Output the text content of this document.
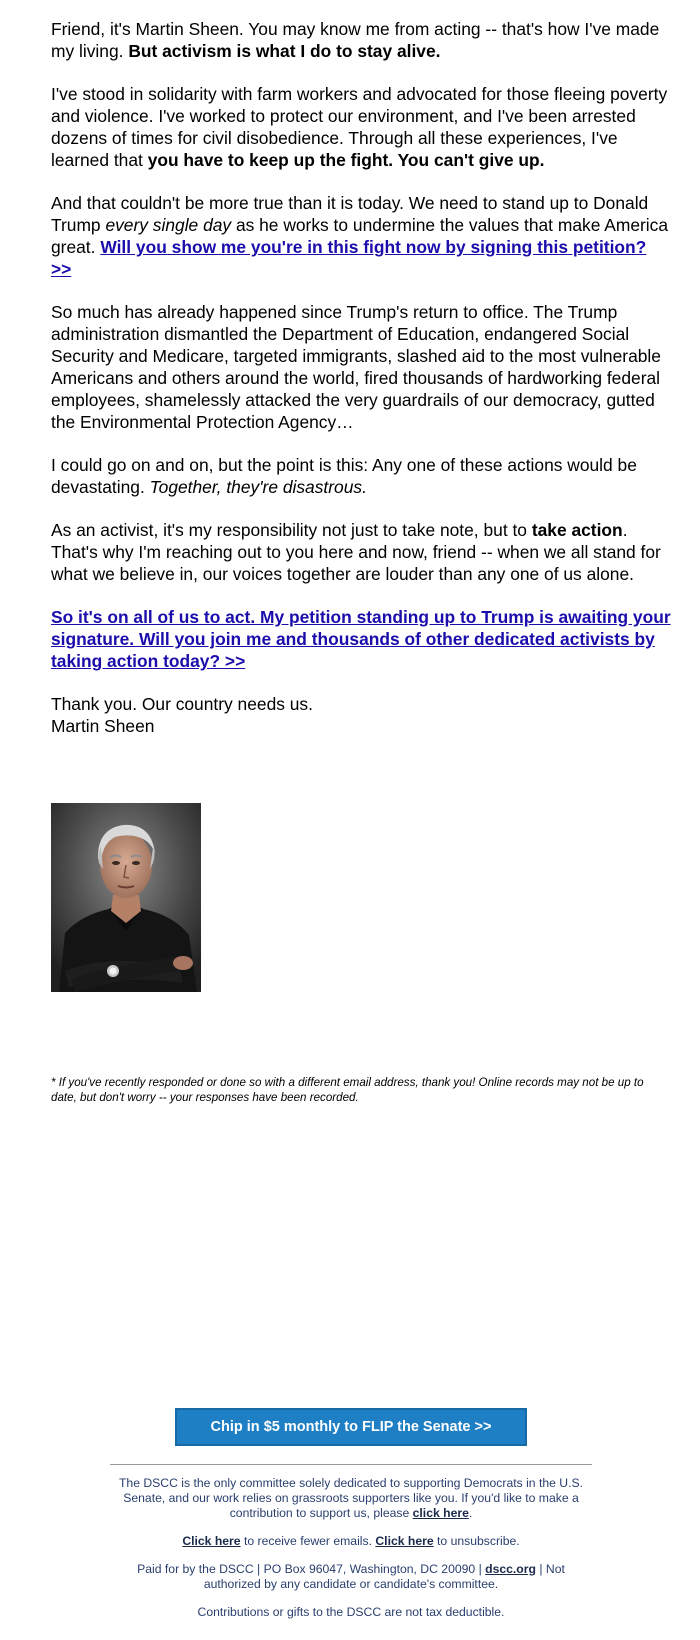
Friend, it's Martin Sheen. You may know me from acting -- that's how I've made my living. But activism is what I do to stay alive.

I've stood in solidarity with farm workers and advocated for those fleeing poverty and violence. I've worked to protect our environment, and I've been arrested dozens of times for civil disobedience. Through all these experiences, I've learned that you have to keep up the fight. You can't give up.

And that couldn't be more true than it is today. We need to stand up to Donald Trump every single day as he works to undermine the values that make America great. Will you show me you're in this fight now by signing this petition? >>

So much has already happened since Trump's return to office. The Trump administration dismantled the Department of Education, endangered Social Security and Medicare, targeted immigrants, slashed aid to the most vulnerable Americans and others around the world, fired thousands of hardworking federal employees, shamelessly attacked the very guardrails of our democracy, gutted the Environmental Protection Agency…

I could go on and on, but the point is this: Any one of these actions would be devastating. Together, they're disastrous.

As an activist, it's my responsibility not just to take note, but to take action. That's why I'm reaching out to you here and now, friend -- when we all stand for what we believe in, our voices together are louder than any one of us alone.

So it's on all of us to act. My petition standing up to Trump is awaiting your signature. Will you join me and thousands of other dedicated activists by taking action today? >>

Thank you. Our country needs us.
Martin Sheen

* If you've recently responded or done so with a different email address, thank you! Online records may not be up to date, but don't worry -- your responses have been recorded.
Chip in $5 monthly to FLIP the Senate >>

The DSCC is the only committee solely dedicated to supporting Democrats in the U.S. Senate, and our work relies on grassroots supporters like you. If you'd like to make a contribution to support us, please click here.

Click here to receive fewer emails. Click here to unsubscribe.

Paid for by the DSCC | PO Box 96047, Washington, DC 20090 | dscc.org | Not authorized by any candidate or candidate's committee.

Contributions or gifts to the DSCC are not tax deductible.
